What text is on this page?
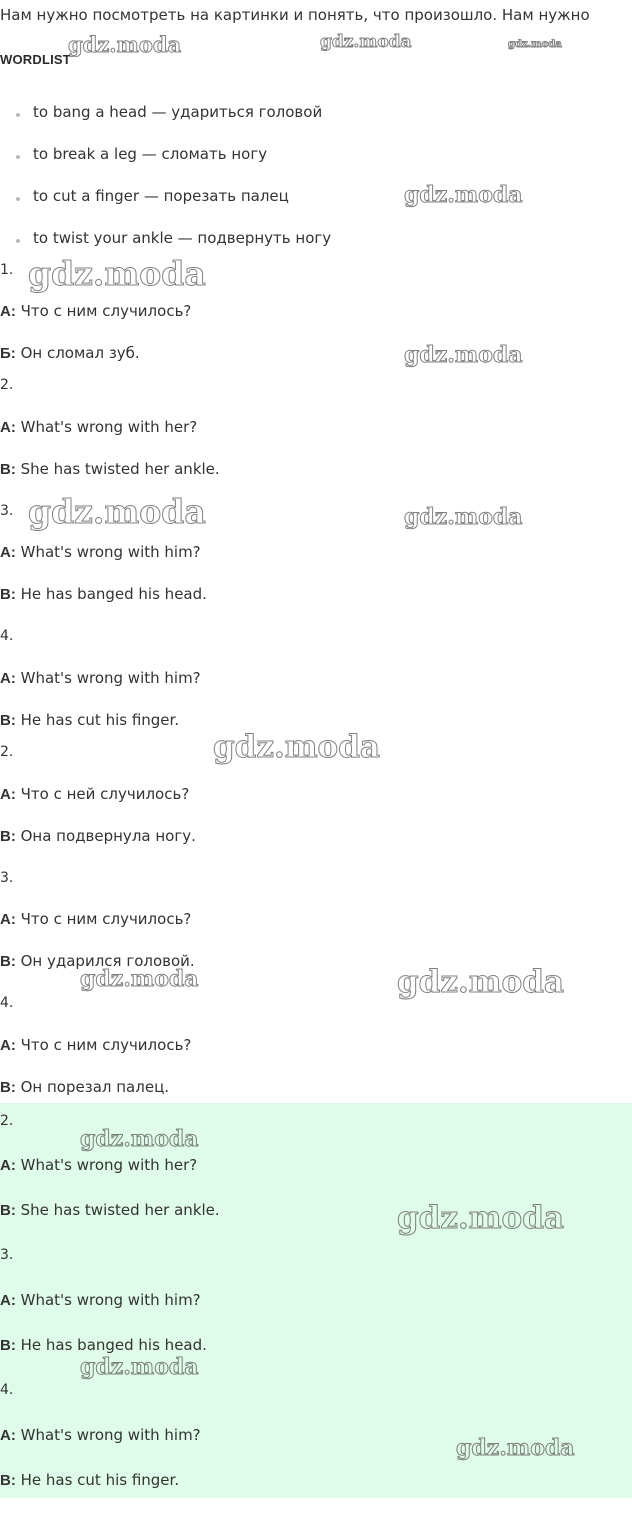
Нам нужно посмотреть на картинки и понять, что произошло. Нам нужно
WORDLIST
to bang a head — удариться головой
to break a leg — сломать ногу
to cut a finger — порезать палец
to twist your ankle — подвернуть ногу
1.
A: Что с ним случилось?
Б: Он сломал зуб.
2.
A: What's wrong with her?
B: She has twisted her ankle.
3.
A: What's wrong with him?
B: He has banged his head.
4.
A: What's wrong with him?
B: He has cut his finger.
2.
A: Что с ней случилось?
B: Она подвернула ногу.
3.
A: Что с ним случилось?
B: Он ударился головой.
4.
A: Что с ним случилось?
B: Он порезал палец.
2.
A: What's wrong with her?
B: She has twisted her ankle.
3.
A: What's wrong with him?
B: He has banged his head.
4.
A: What's wrong with him?
B: He has cut his finger.
gdz.moda	gdz.moda	gdz.moda
gdz.moda
gdz.moda
gdz.moda
gdz.moda	gdz.moda
gdz.moda
gdz.moda	gdz.moda
